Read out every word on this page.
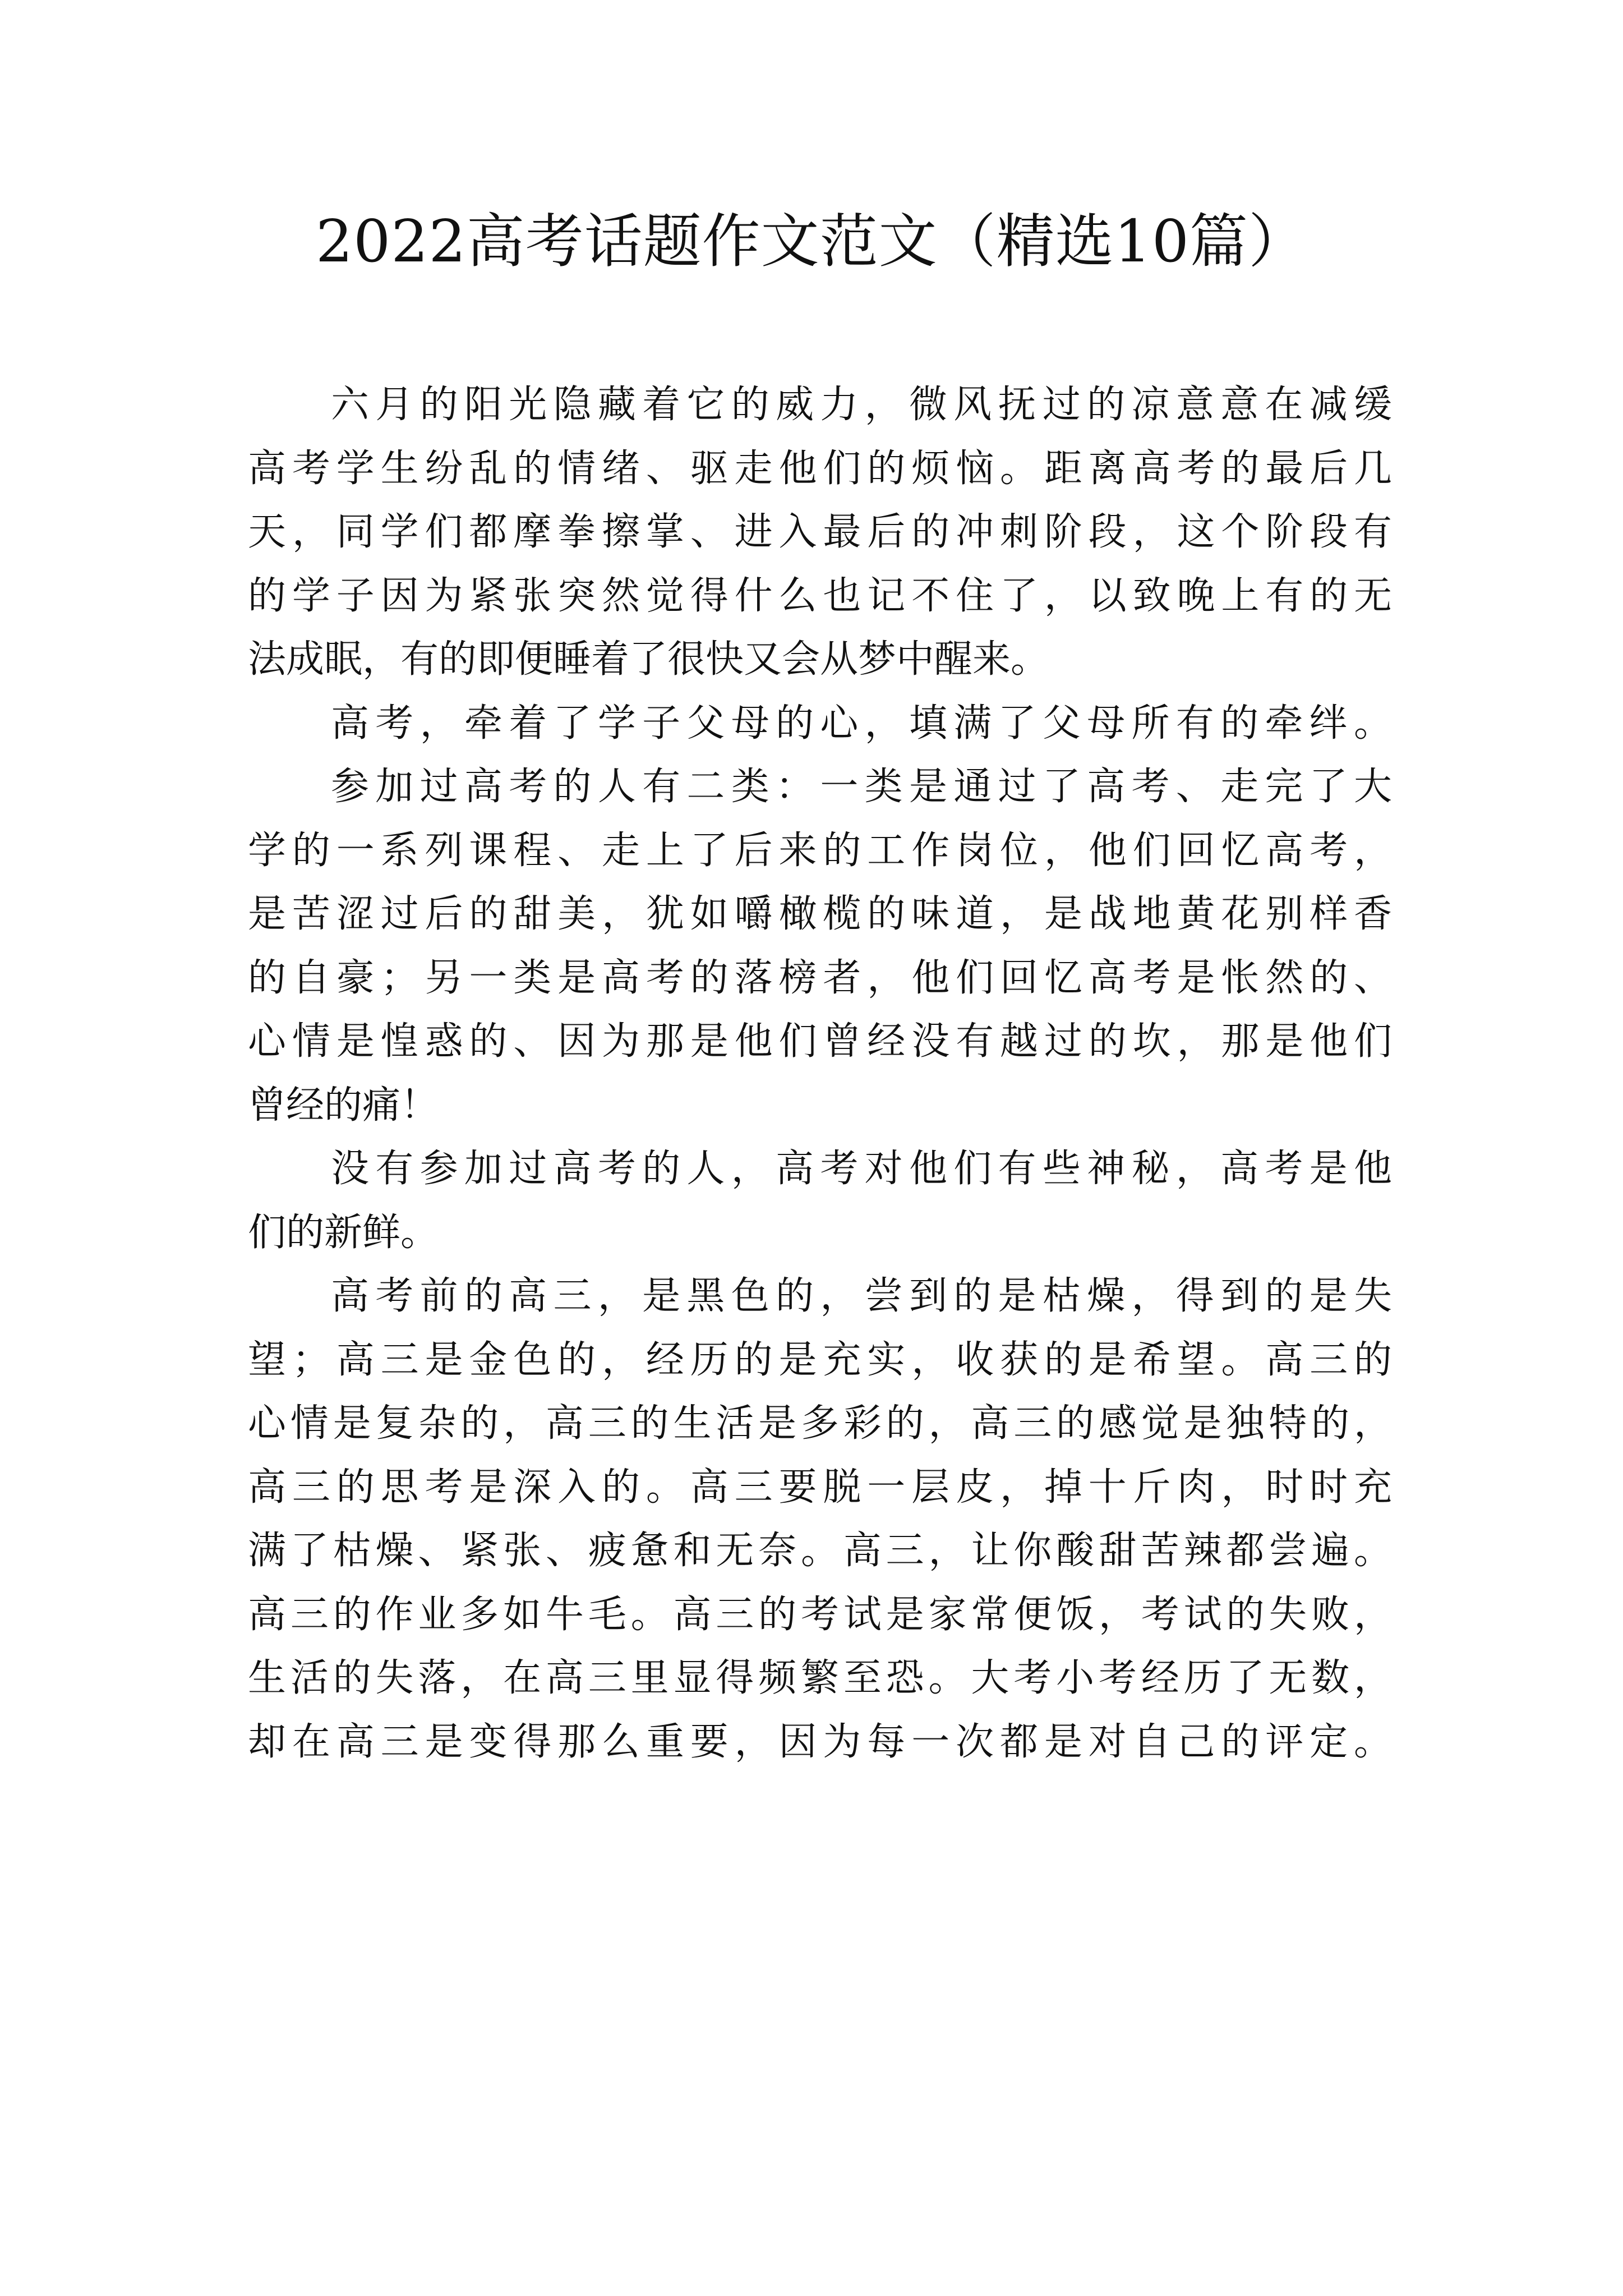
2022高考话题作文范文（精选10篇）

六月的阳光隐藏着它的威力，微风抚过的凉意意在减缓
高考学生纷乱的情绪、驱走他们的烦恼。距离高考的最后几
天，同学们都摩拳擦掌、进入最后的冲刺阶段，这个阶段有
的学子因为紧张突然觉得什么也记不住了，以致晚上有的无
法成眠，有的即便睡着了很快又会从梦中醒来。

高考，牵着了学子父母的心，填满了父母所有的牵绊。

参加过高考的人有二类：一类是通过了高考、走完了大
学的一系列课程、走上了后来的工作岗位，他们回忆高考，
是苦涩过后的甜美，犹如嚼橄榄的味道，是战地黄花别样香
的自豪；另一类是高考的落榜者，他们回忆高考是怅然的、
心情是惶惑的、因为那是他们曾经没有越过的坎，那是他们
曾经的痛！

没有参加过高考的人，高考对他们有些神秘，高考是他
们的新鲜。

高考前的高三，是黑色的，尝到的是枯燥，得到的是失
望；高三是金色的，经历的是充实，收获的是希望。高三的
心情是复杂的，高三的生活是多彩的，高三的感觉是独特的，
高三的思考是深入的。高三要脱一层皮，掉十斤肉，时时充
满了枯燥、紧张、疲惫和无奈。高三，让你酸甜苦辣都尝遍。
高三的作业多如牛毛。高三的考试是家常便饭，考试的失败，
生活的失落，在高三里显得频繁至恐。大考小考经历了无数，
却在高三是变得那么重要，因为每一次都是对自己的评定。
